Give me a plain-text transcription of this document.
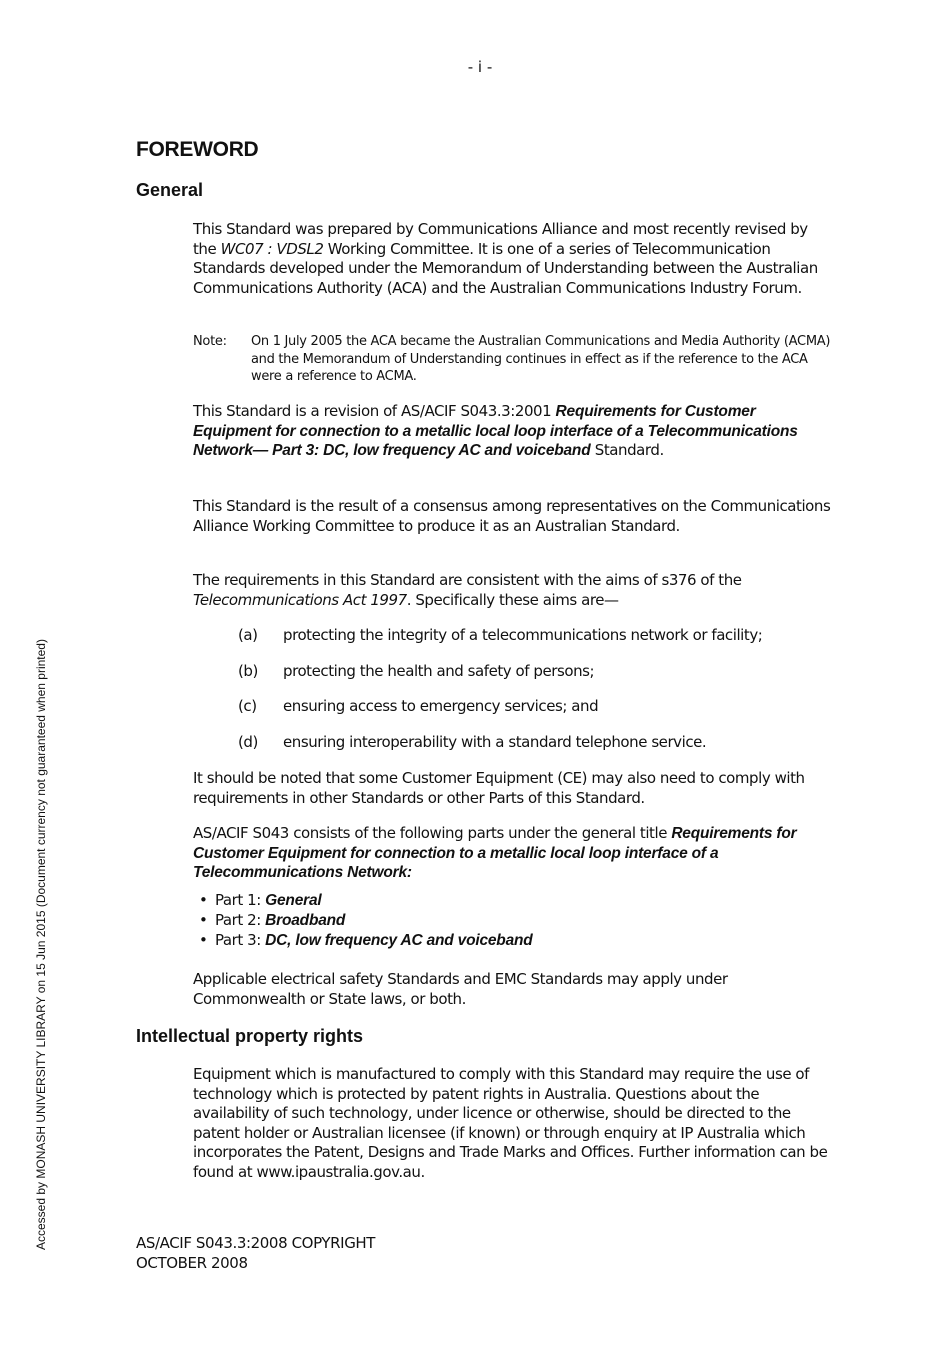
- i -
Accessed by MONASH UNIVERSITY LIBRARY on 15 Jun 2015 (Document currency not guaranteed when printed)
FOREWORD
General

This Standard was prepared by Communications Alliance and most recently revised by the WC07 : VDSL2 Working Committee. It is one of a series of Telecommunication Standards developed under the Memorandum of Understanding between the Australian Communications Authority (ACA) and the Australian Communications Industry Forum.

Note: On 1 July 2005 the ACA became the Australian Communications and Media Authority (ACMA) and the Memorandum of Understanding continues in effect as if the reference to the ACA were a reference to ACMA.

This Standard is a revision of AS/ACIF S043.3:2001 Requirements for Customer Equipment for connection to a metallic local loop interface of a Telecommunications Network— Part 3: DC, low frequency AC and voiceband Standard.

This Standard is the result of a consensus among representatives on the Communications Alliance Working Committee to produce it as an Australian Standard.

The requirements in this Standard are consistent with the aims of s376 of the Telecommunications Act 1997. Specifically these aims are—

(a) protecting the integrity of a telecommunications network or facility;
(b) protecting the health and safety of persons;
(c) ensuring access to emergency services; and
(d) ensuring interoperability with a standard telephone service.

It should be noted that some Customer Equipment (CE) may also need to comply with requirements in other Standards or other Parts of this Standard.

AS/ACIF S043 consists of the following parts under the general title Requirements for Customer Equipment for connection to a metallic local loop interface of a Telecommunications Network:

• Part 1: General
• Part 2: Broadband
• Part 3: DC, low frequency AC and voiceband

Applicable electrical safety Standards and EMC Standards may apply under Commonwealth or State laws, or both.

Intellectual property rights

Equipment which is manufactured to comply with this Standard may require the use of technology which is protected by patent rights in Australia. Questions about the availability of such technology, under licence or otherwise, should be directed to the patent holder or Australian licensee (if known) or through enquiry at IP Australia which incorporates the Patent, Designs and Trade Marks and Offices. Further information can be found at www.ipaustralia.gov.au.

AS/ACIF S043.3:2008 COPYRIGHT
OCTOBER 2008
